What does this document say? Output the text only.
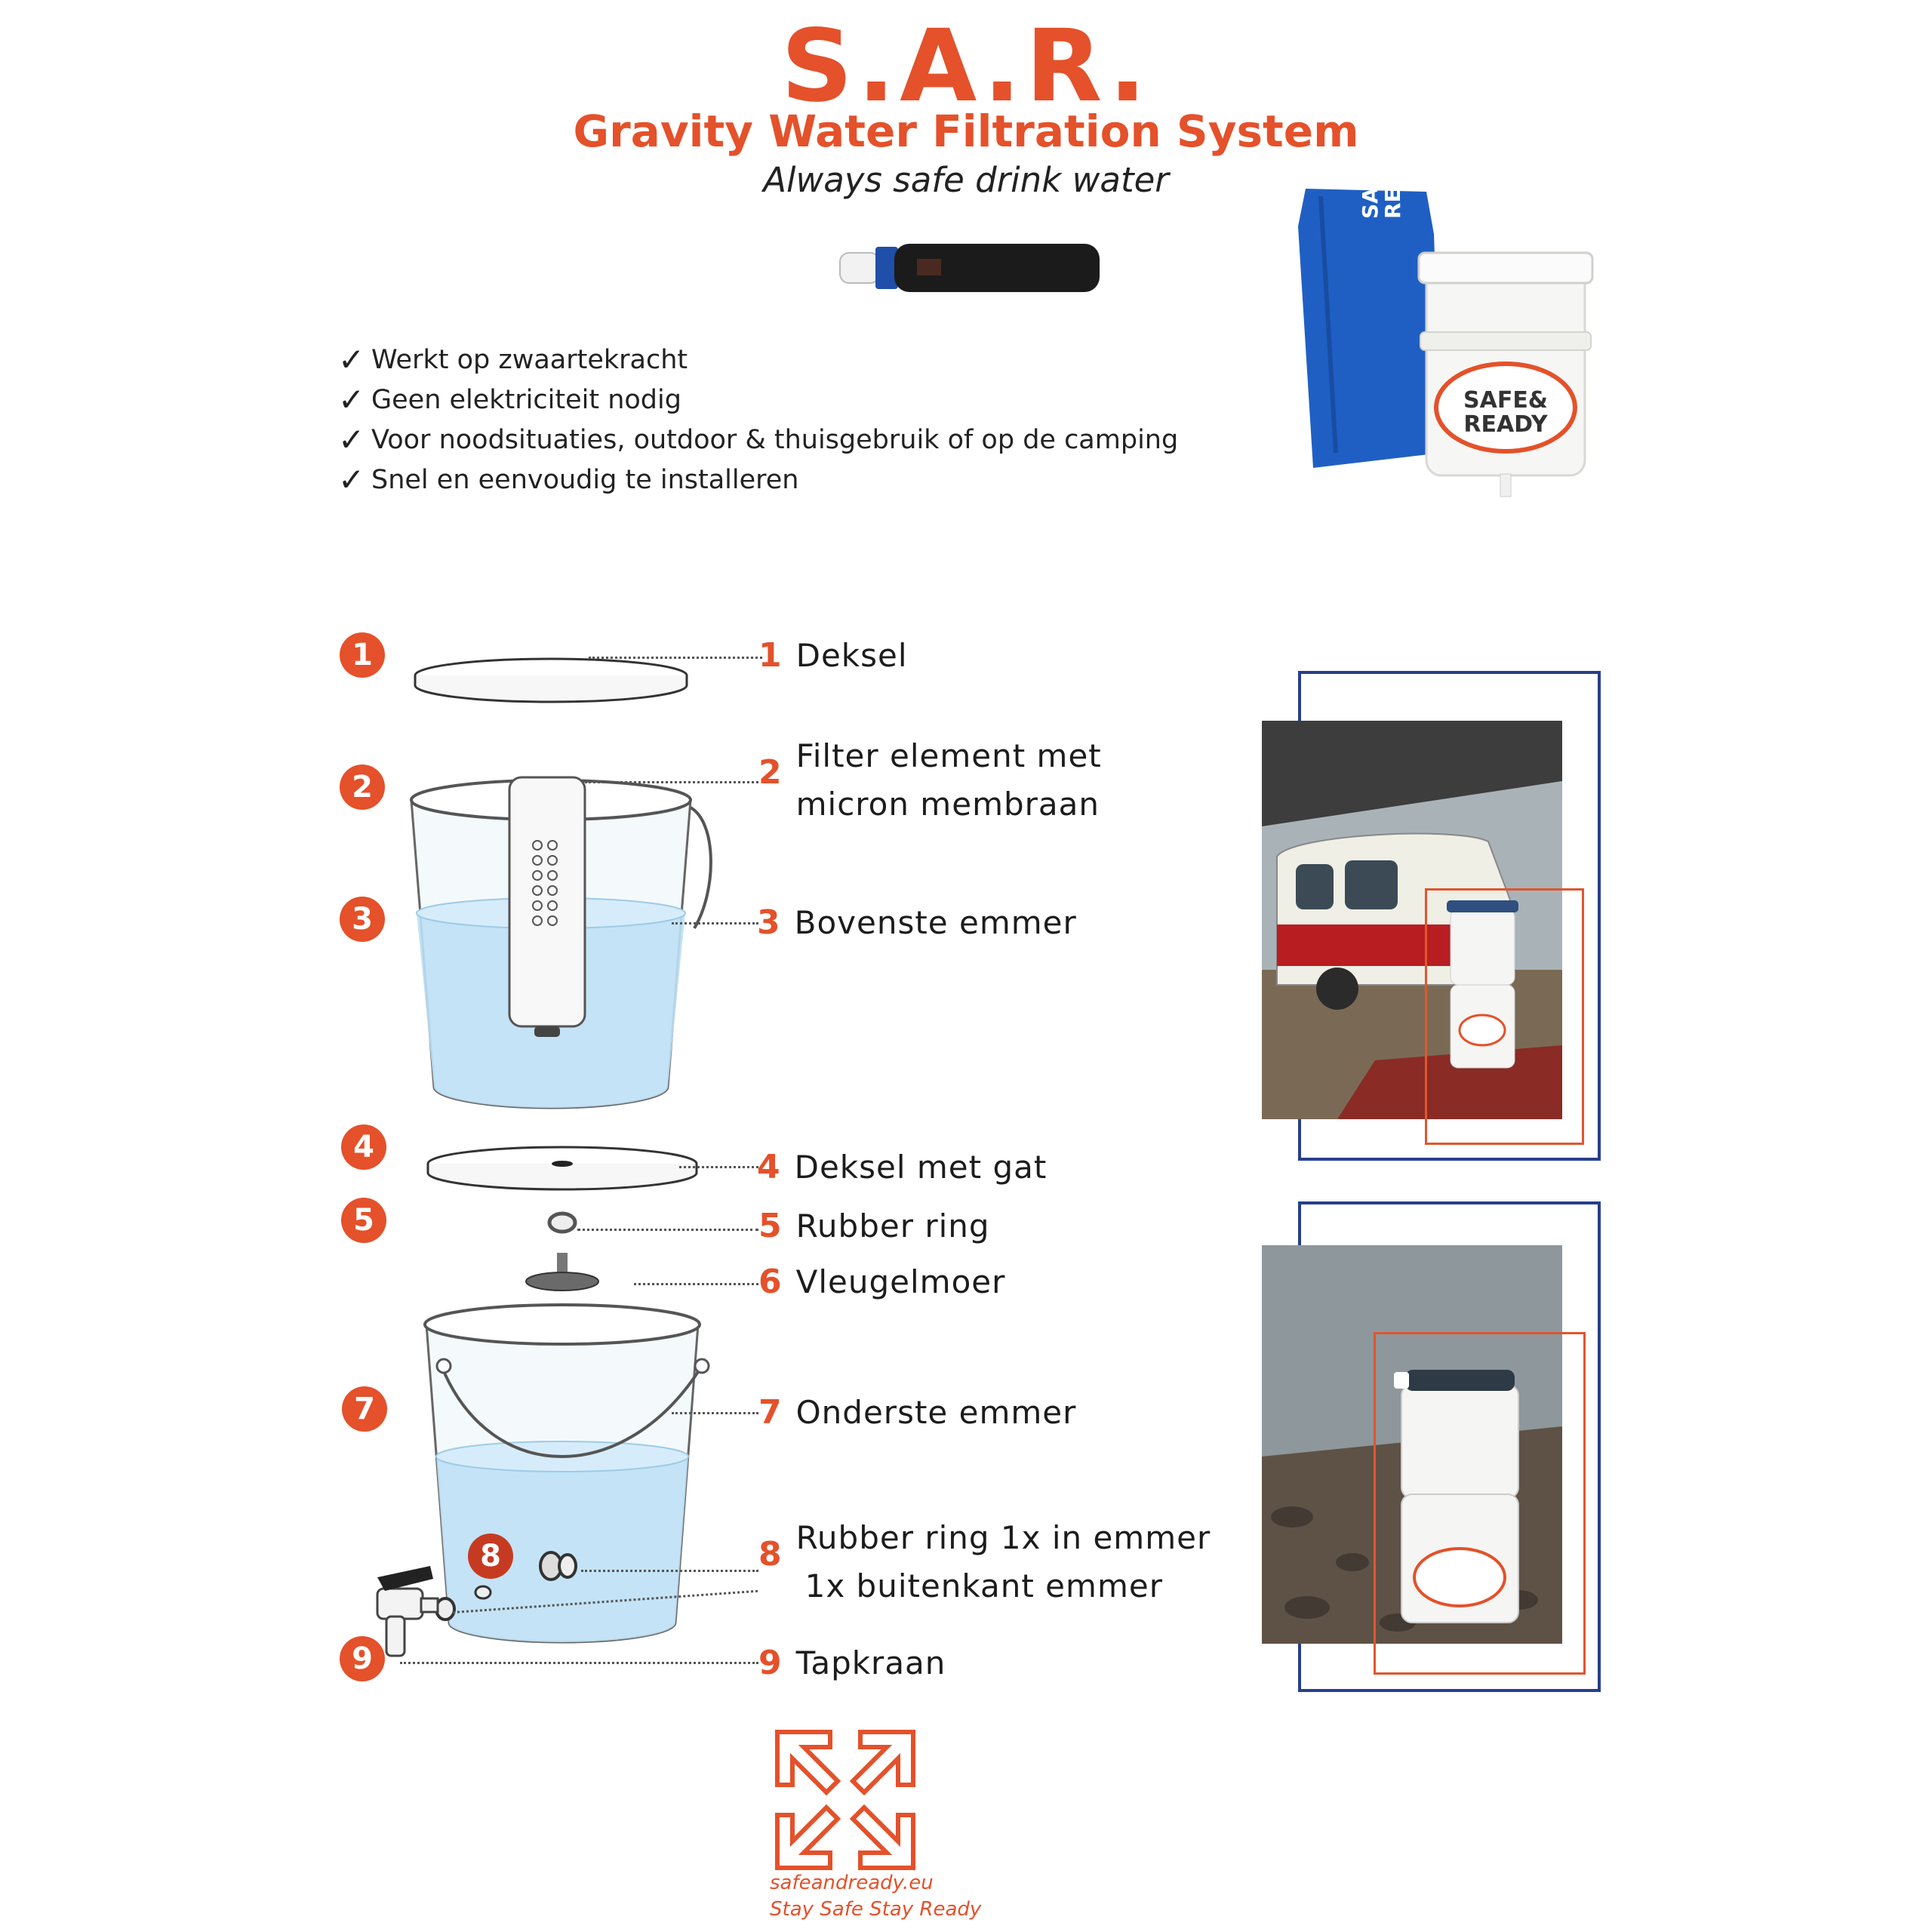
S.A.R.
Gravity Water Filtration System
Always safe drink water	SAFE&
READY
SAFE&
READY
✓ Werkt op zwaartekracht
✓ Geen elektriciteit nodig
✓ Voor noodsituaties, outdoor & thuisgebruik of op de camping
✓ Snel en eenvoudig te installeren
1
2
3
4
5
7
9
8
1 Deksel
Filter element met
2
micron membraan
3 Bovenste emmer
4 Deksel met gat
5 Rubber ring
6 Vleugelmoer
7 Onderste emmer
Rubber ring 1x in emmer
8
1x buitenkant emmer
9 Tapkraan
safeandready.eu
Stay Safe Stay Ready
